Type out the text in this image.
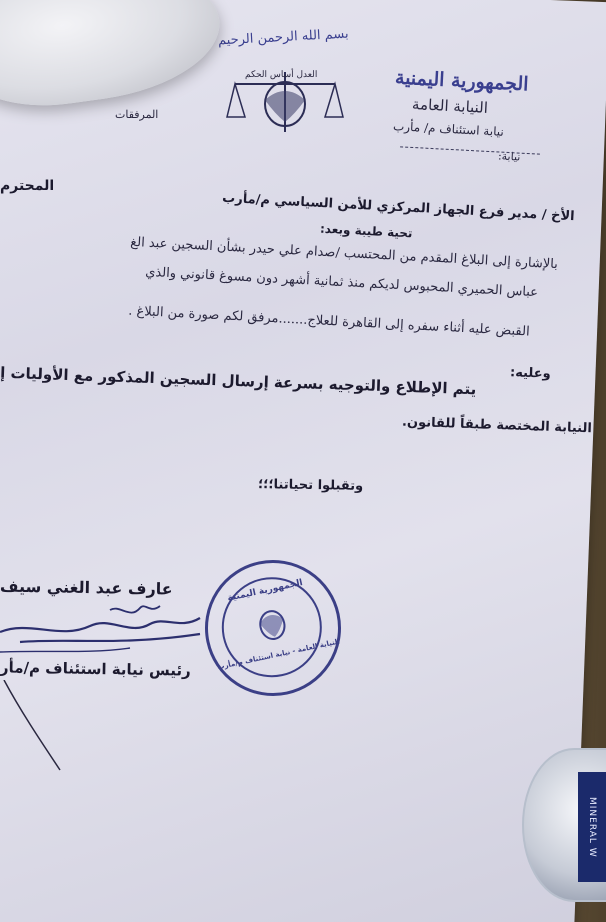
بسم الله الرحمن الرحيم
العدل أساس الحكم	الجمهورية اليمنية
النيابة العامة
نيابة استئناف م/ مأرب
نيابة:
المرفقات
المحترم
الأخ / مدير فرع الجهاز المركزي للأمن السياسي م/مأرب
تحية طيبة وبعد:
بالإشارة إلى البلاغ المقدم من المحتسب /صدام علي حيدر بشأن السجين عبد الغ
عباس الحميري المحبوس لديكم منذ ثمانية أشهر دون مسوغ قانوني والذي
القبض عليه أثناء سفره إلى القاهرة للعلاج.......مرفق لكم صورة من البلاغ .
وعليه:
يتم الإطلاع والتوجيه بسرعة إرسال السجين المذكور مع الأوليات إ
النيابة المختصة طبقاً للقانون.
وتقبلوا تحياتنا؛؛؛
عارف عبد الغني سيف
رئيس نيابة استئناف م/مأر
الجمهورية اليمنية
النيابة العامة - نيابة استئناف م/مأرب
MINERAL W
